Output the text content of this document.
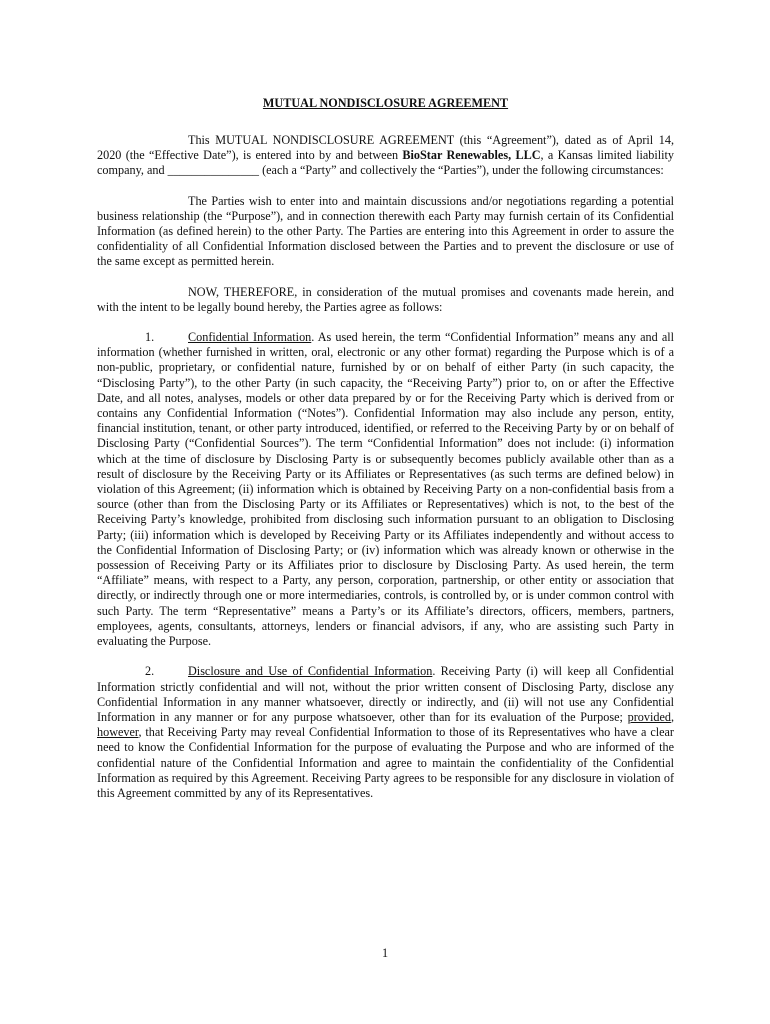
MUTUAL NONDISCLOSURE AGREEMENT

This MUTUAL NONDISCLOSURE AGREEMENT (this “Agreement”), dated as of April 14, 2020 (the “Effective Date”), is entered into by and between BioStar Renewables, LLC, a Kansas limited liability company, and _______________ (each a “Party” and collectively the “Parties”), under the following circumstances:

The Parties wish to enter into and maintain discussions and/or negotiations regarding a potential business relationship (the “Purpose”), and in connection therewith each Party may furnish certain of its Confidential Information (as defined herein) to the other Party. The Parties are entering into this Agreement in order to assure the confidentiality of all Confidential Information disclosed between the Parties and to prevent the disclosure or use of the same except as permitted herein.

NOW, THEREFORE, in consideration of the mutual promises and covenants made herein, and with the intent to be legally bound hereby, the Parties agree as follows:

1.	Confidential Information. As used herein, the term “Confidential Information” means any and all information (whether furnished in written, oral, electronic or any other format) regarding the Purpose which is of a non-public, proprietary, or confidential nature, furnished by or on behalf of either Party (in such capacity, the “Disclosing Party”), to the other Party (in such capacity, the “Receiving Party”) prior to, on or after the Effective Date, and all notes, analyses, models or other data prepared by or for the Receiving Party which is derived from or contains any Confidential Information (“Notes”). Confidential Information may also include any person, entity, financial institution, tenant, or other party introduced, identified, or referred to the Receiving Party by or on behalf of Disclosing Party (“Confidential Sources”). The term “Confidential Information” does not include: (i) information which at the time of disclosure by Disclosing Party is or subsequently becomes publicly available other than as a result of disclosure by the Receiving Party or its Affiliates or Representatives (as such terms are defined below) in violation of this Agreement; (ii) information which is obtained by Receiving Party on a non-confidential basis from a source (other than from the Disclosing Party or its Affiliates or Representatives) which is not, to the best of the Receiving Party’s knowledge, prohibited from disclosing such information pursuant to an obligation to Disclosing Party; (iii) information which is developed by Receiving Party or its Affiliates independently and without access to the Confidential Information of Disclosing Party; or (iv) information which was already known or otherwise in the possession of Receiving Party or its Affiliates prior to disclosure by Disclosing Party. As used herein, the term “Affiliate” means, with respect to a Party, any person, corporation, partnership, or other entity or association that directly, or indirectly through one or more intermediaries, controls, is controlled by, or is under common control with such Party. The term “Representative” means a Party’s or its Affiliate’s directors, officers, members, partners, employees, agents, consultants, attorneys, lenders or financial advisors, if any, who are assisting such Party in evaluating the Purpose.

2.	Disclosure and Use of Confidential Information. Receiving Party (i) will keep all Confidential Information strictly confidential and will not, without the prior written consent of Disclosing Party, disclose any Confidential Information in any manner whatsoever, directly or indirectly, and (ii) will not use any Confidential Information in any manner or for any purpose whatsoever, other than for its evaluation of the Purpose; provided, however, that Receiving Party may reveal Confidential Information to those of its Representatives who have a clear need to know the Confidential Information for the purpose of evaluating the Purpose and who are informed of the confidential nature of the Confidential Information and agree to maintain the confidentiality of the Confidential Information as required by this Agreement. Receiving Party agrees to be responsible for any disclosure in violation of this Agreement committed by any of its Representatives.

1
